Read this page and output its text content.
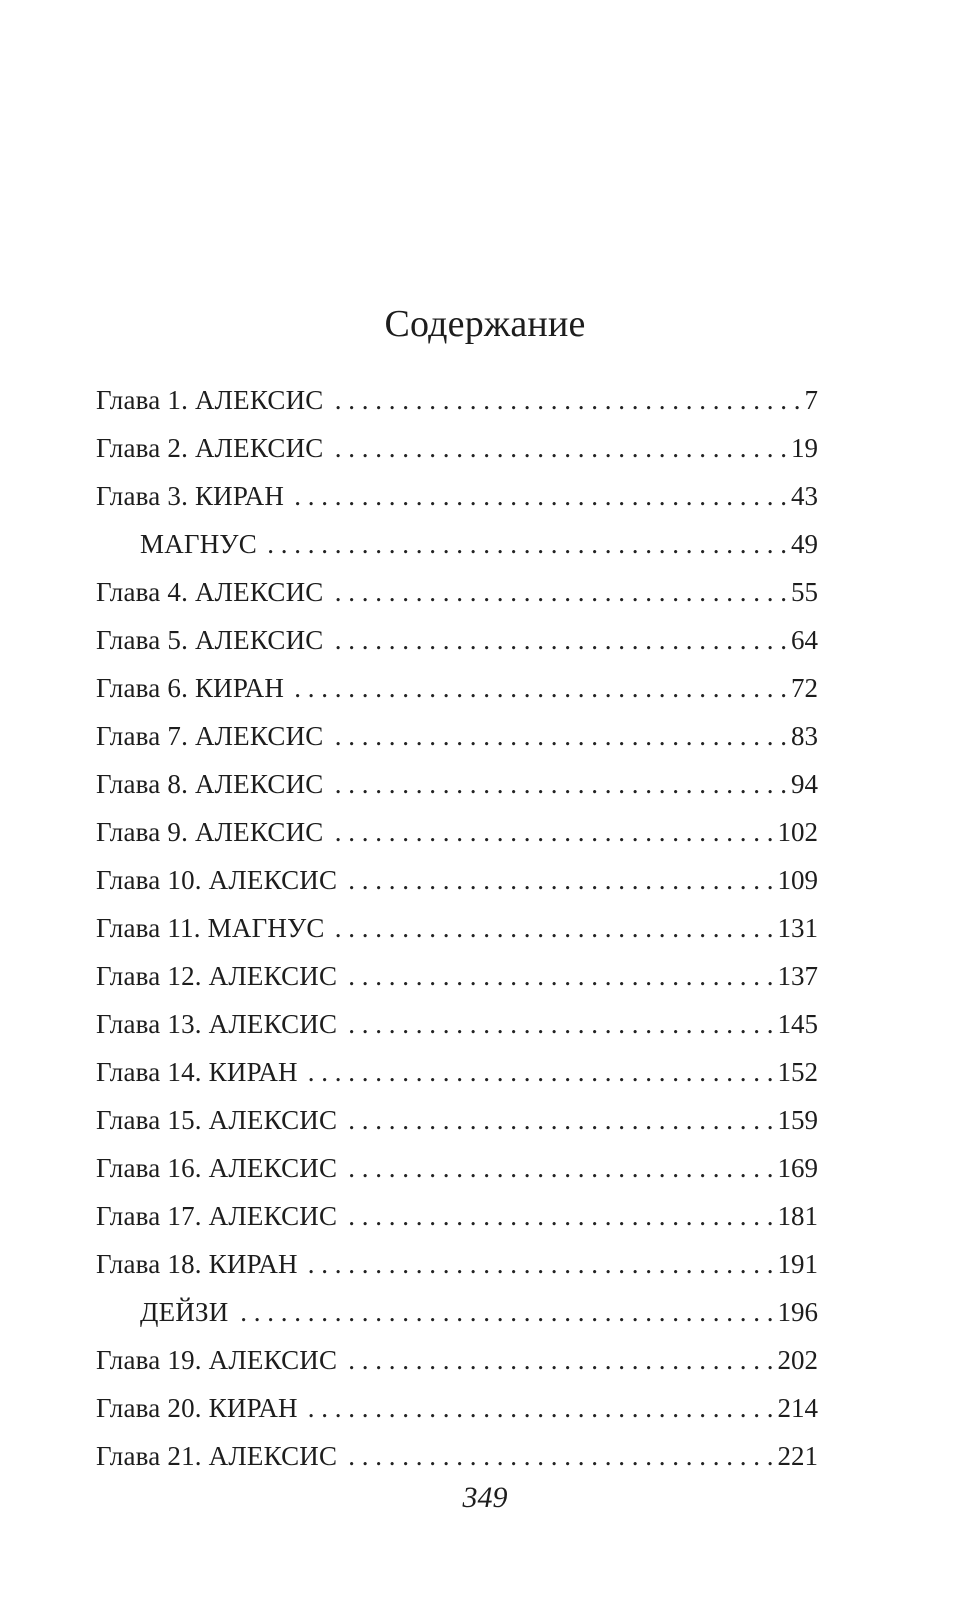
Содержание
Глава 1. АЛЕКСИС . . .	7
Глава 2. АЛЕКСИС . . .	19
Глава 3. КИРАН . . .	43
МАГНУС . . .	49
Глава 4. АЛЕКСИС . . .	55
Глава 5. АЛЕКСИС . . .	64
Глава 6. КИРАН . . .	72
Глава 7. АЛЕКСИС . . .	83
Глава 8. АЛЕКСИС . . .	94
Глава 9. АЛЕКСИС . . .	102
Глава 10. АЛЕКСИС . . .	109
Глава 11. МАГНУС . . .	131
Глава 12. АЛЕКСИС . . .	137
Глава 13. АЛЕКСИС . . .	145
Глава 14. КИРАН . . .	152
Глава 15. АЛЕКСИС . . .	159
Глава 16. АЛЕКСИС . . .	169
Глава 17. АЛЕКСИС . . .	181
Глава 18. КИРАН . . .	191
ДЕЙЗИ . . .	196
Глава 19. АЛЕКСИС . . .	202
Глава 20. КИРАН . . .	214
Глава 21. АЛЕКСИС . . .	221
349
